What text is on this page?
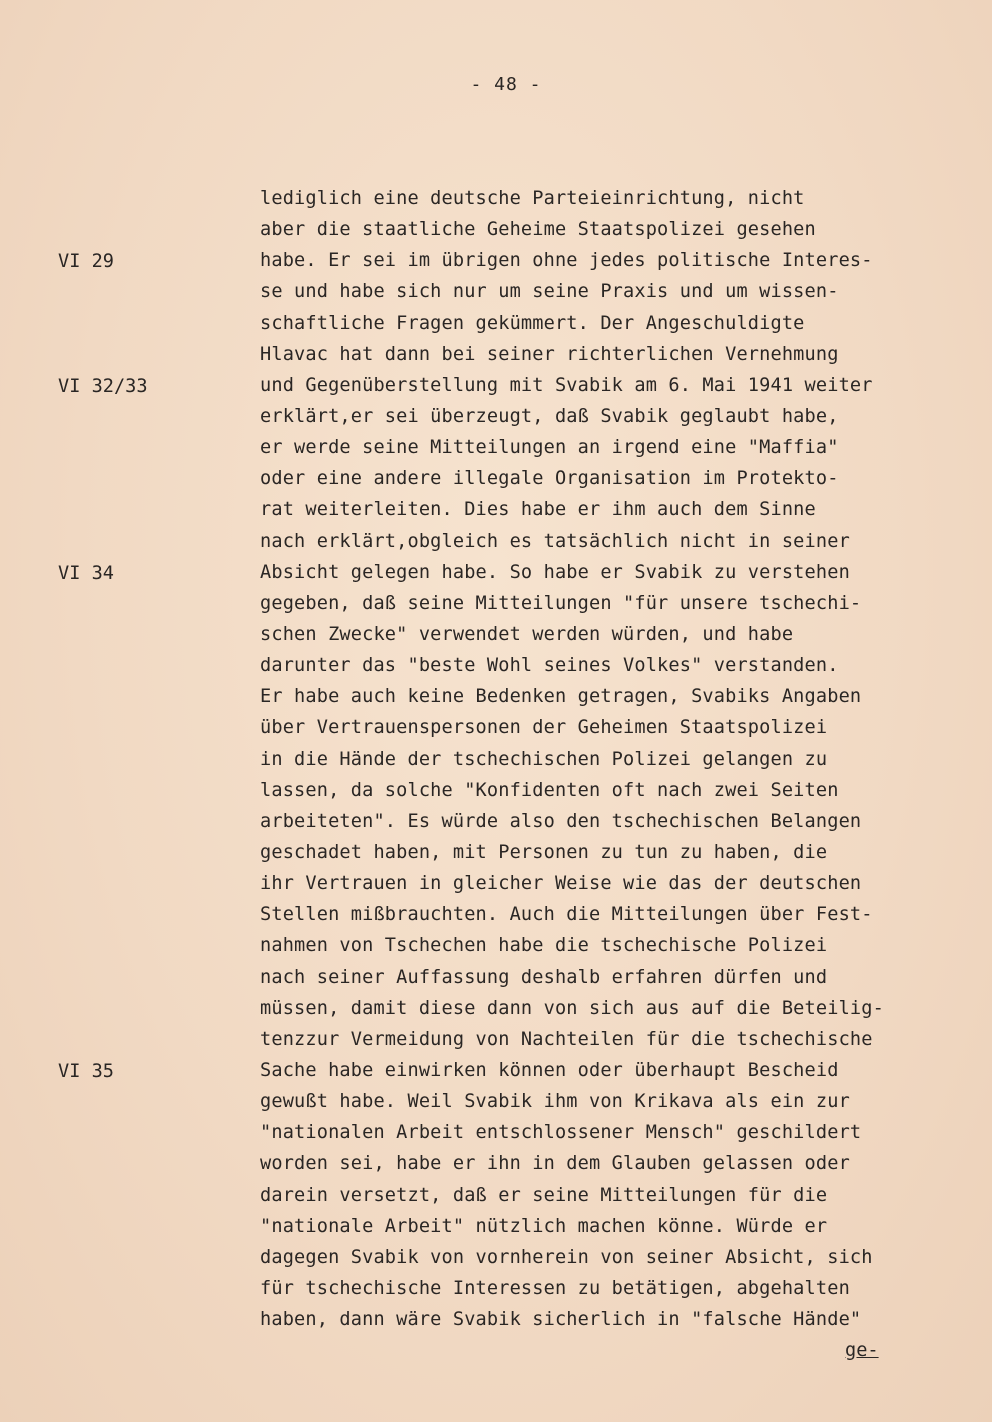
- 48 -
VI 29
VI 32/33
VI 34
VI 35
lediglich eine deutsche Parteieinrichtung, nicht
aber die staatliche Geheime Staatspolizei gesehen
habe. Er sei im übrigen ohne jedes politische Interes-
se und habe sich nur um seine Praxis und um wissen-
schaftliche Fragen gekümmert. Der Angeschuldigte
Hlavac hat dann bei seiner richterlichen Vernehmung
und Gegenüberstellung mit Svabik am 6. Mai 1941 weiter
erklärt,er sei überzeugt, daß Svabik geglaubt habe,
er werde seine Mitteilungen an irgend eine "Maffia"
oder eine andere illegale Organisation im Protekto-
rat weiterleiten. Dies habe er ihm auch dem Sinne
nach erklärt,obgleich es tatsächlich nicht in seiner
Absicht gelegen habe. So habe er Svabik zu verstehen
gegeben, daß seine Mitteilungen "für unsere tschechi-
schen Zwecke" verwendet werden würden, und habe
darunter das "beste Wohl seines Volkes" verstanden.
Er habe auch keine Bedenken getragen, Svabiks Angaben
über Vertrauenspersonen der Geheimen Staatspolizei
in die Hände der tschechischen Polizei gelangen zu
lassen, da solche "Konfidenten oft nach zwei Seiten
arbeiteten". Es würde also den tschechischen Belangen
geschadet haben, mit Personen zu tun zu haben, die
ihr Vertrauen in gleicher Weise wie das der deutschen
Stellen mißbrauchten. Auch die Mitteilungen über Fest-
nahmen von Tschechen habe die tschechische Polizei
nach seiner Auffassung deshalb erfahren dürfen und
müssen, damit diese dann von sich aus auf die Beteilig-
tenzzur Vermeidung von Nachteilen für die tschechische
Sache habe einwirken können oder überhaupt Bescheid
gewußt habe. Weil Svabik ihm von Krikava als ein zur
"nationalen Arbeit entschlossener Mensch" geschildert
worden sei, habe er ihn in dem Glauben gelassen oder
darein versetzt, daß er seine Mitteilungen für die
"nationale Arbeit" nützlich machen könne. Würde er
dagegen Svabik von vornherein von seiner Absicht, sich
für tschechische Interessen zu betätigen, abgehalten
haben, dann wäre Svabik sicherlich in "falsche Hände"
ge-
